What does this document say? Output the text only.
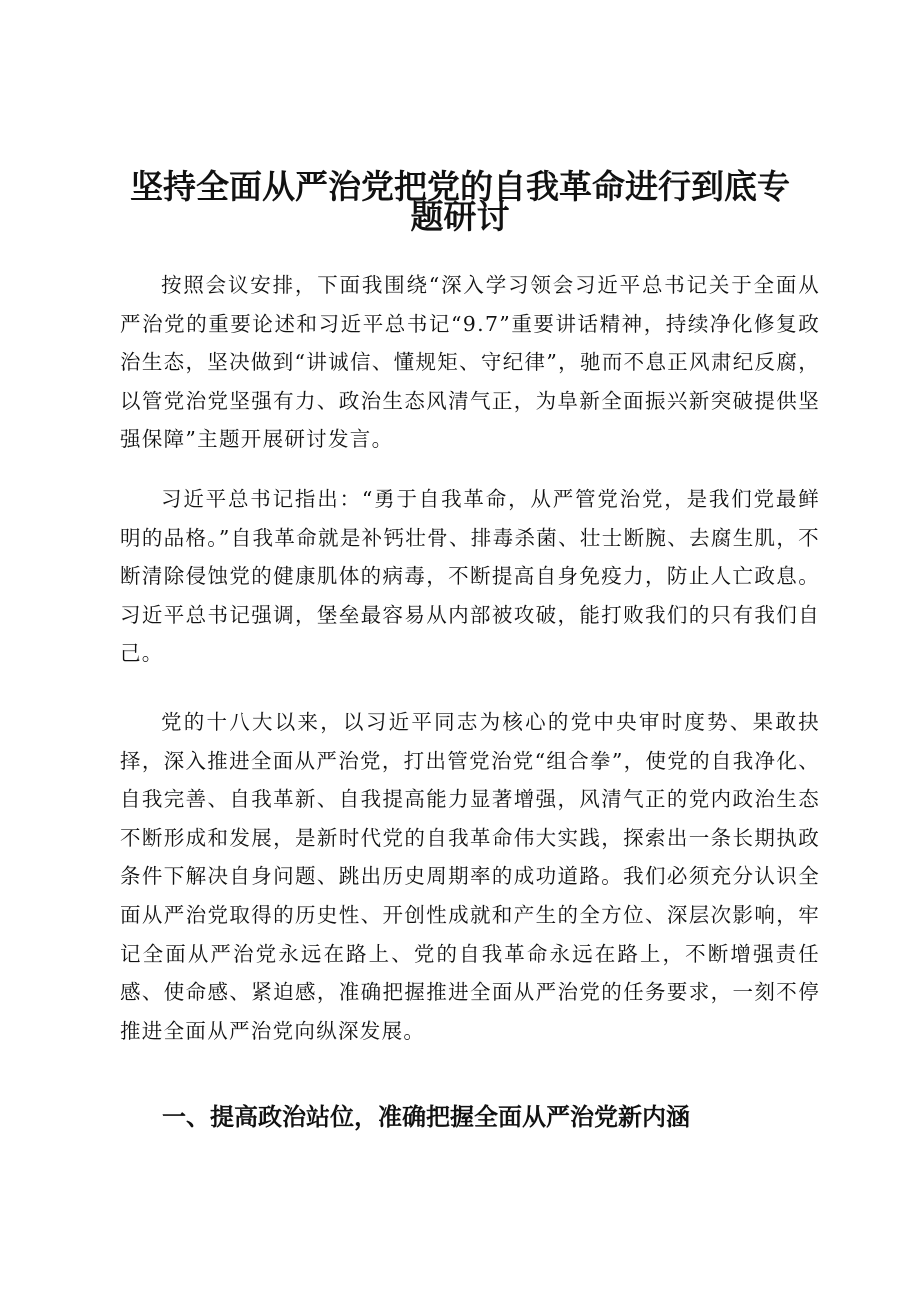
坚持全面从严治党把党的自我革命进行到底专
题研讨

按照会议安排，下面我围绕“深入学习领会习近平总书记关于全面从严治党的重要论述和习近平总书记“9.7”重要讲话精神，持续净化修复政治生态，坚决做到“讲诚信、懂规矩、守纪律”，驰而不息正风肃纪反腐，以管党治党坚强有力、政治生态风清气正，为阜新全面振兴新突破提供坚强保障”主题开展研讨发言。

习近平总书记指出：“勇于自我革命，从严管党治党，是我们党最鲜明的品格。”自我革命就是补钙壮骨、排毒杀菌、壮士断腕、去腐生肌，不断清除侵蚀党的健康肌体的病毒，不断提高自身免疫力，防止人亡政息。习近平总书记强调，堡垒最容易从内部被攻破，能打败我们的只有我们自己。

党的十八大以来，以习近平同志为核心的党中央审时度势、果敢抉择，深入推进全面从严治党，打出管党治党“组合拳”，使党的自我净化、自我完善、自我革新、自我提高能力显著增强，风清气正的党内政治生态不断形成和发展，是新时代党的自我革命伟大实践，探索出一条长期执政条件下解决自身问题、跳出历史周期率的成功道路。我们必须充分认识全面从严治党取得的历史性、开创性成就和产生的全方位、深层次影响，牢记全面从严治党永远在路上、党的自我革命永远在路上，不断增强责任感、使命感、紧迫感，准确把握推进全面从严治党的任务要求，一刻不停推进全面从严治党向纵深发展。

一、提高政治站位，准确把握全面从严治党新内涵
